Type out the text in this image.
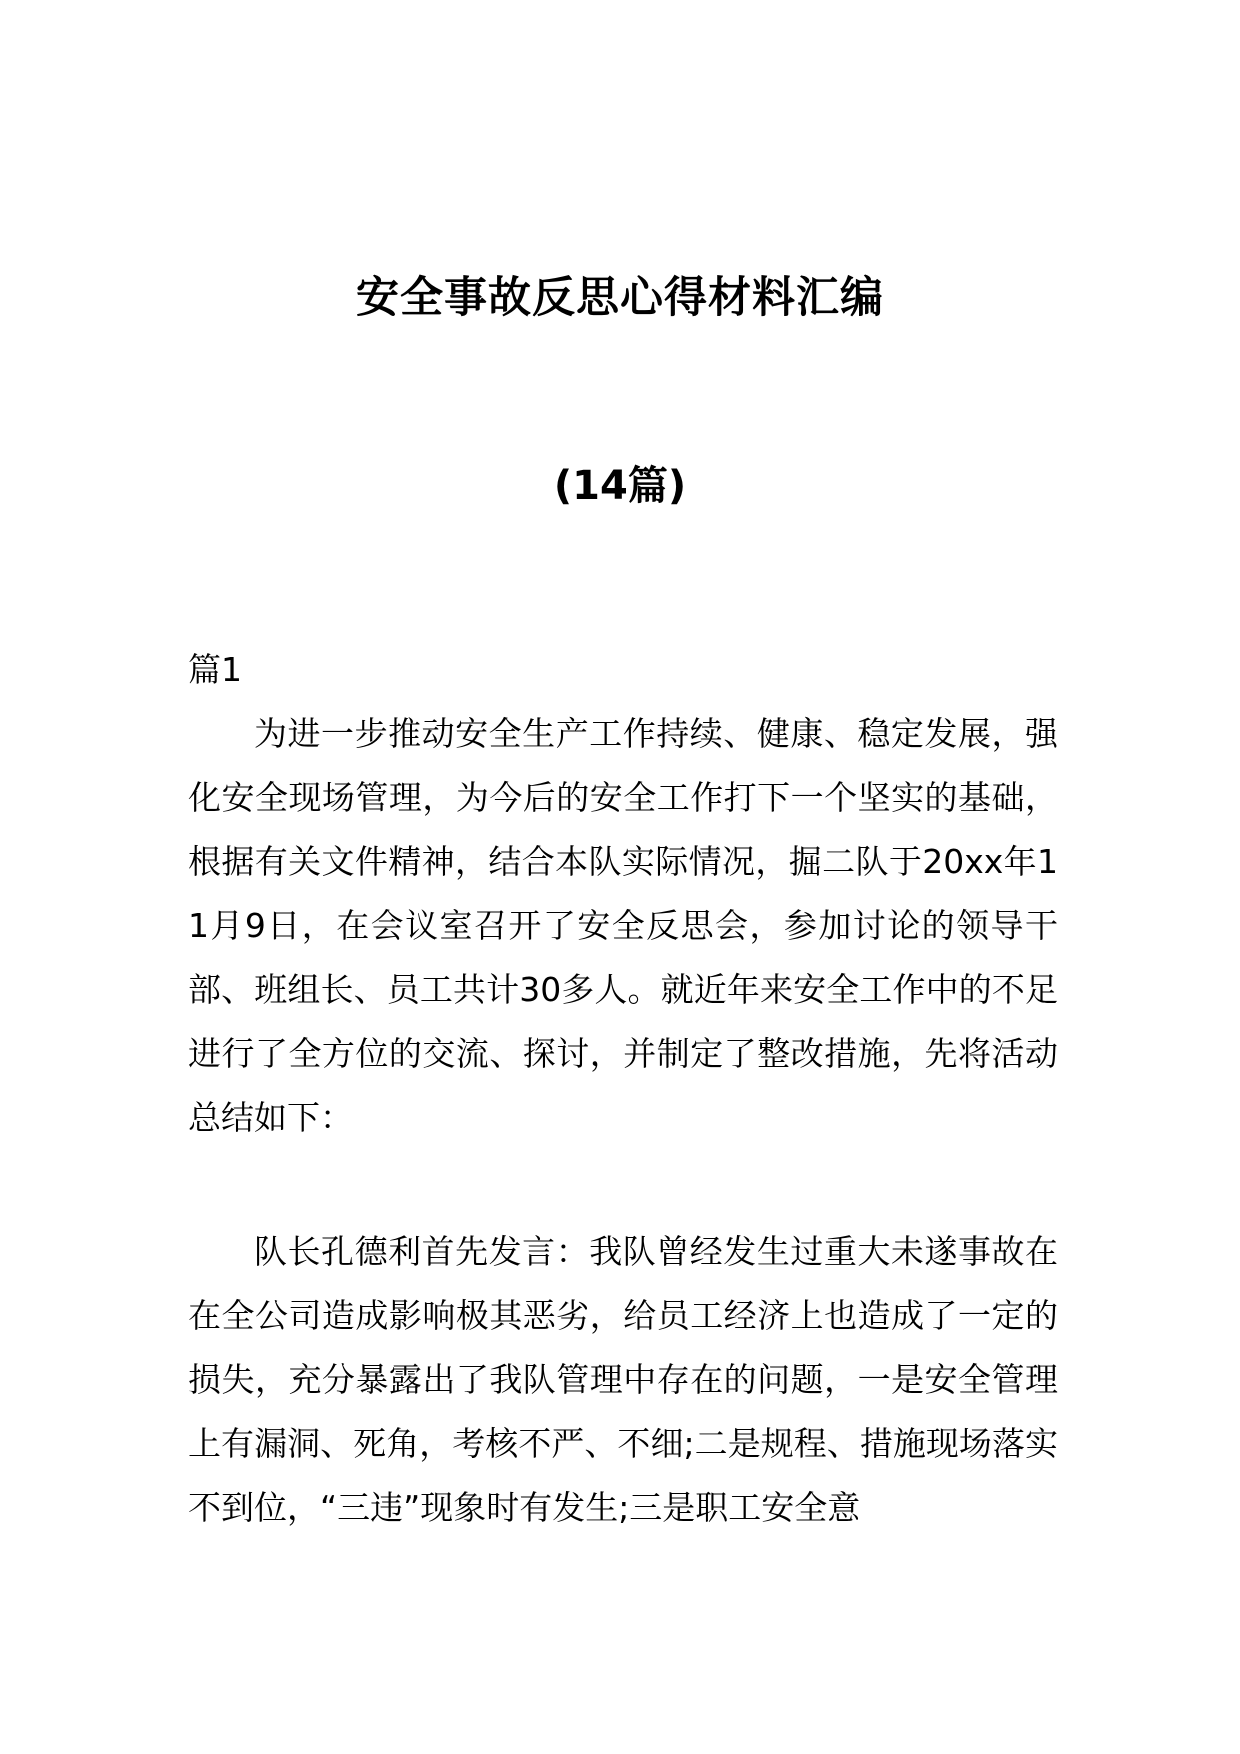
安全事故反思心得材料汇编
(14篇)
篇1

为进一步推动安全生产工作持续、健康、稳定发展，强化安全现场管理，为今后的安全工作打下一个坚实的基础，根据有关文件精神，结合本队实际情况，掘二队于20xx年11月9日，在会议室召开了安全反思会，参加讨论的领导干部、班组长、员工共计30多人。就近年来安全工作中的不足进行了全方位的交流、探讨，并制定了整改措施，先将活动总结如下：

队长孔德利首先发言：我队曾经发生过重大未遂事故在在全公司造成影响极其恶劣，给员工经济上也造成了一定的损失，充分暴露出了我队管理中存在的问题，一是安全管理上有漏洞、死角，考核不严、不细;二是规程、措施现场落实不到位，“三违”现象时有发生;三是职工安全意
